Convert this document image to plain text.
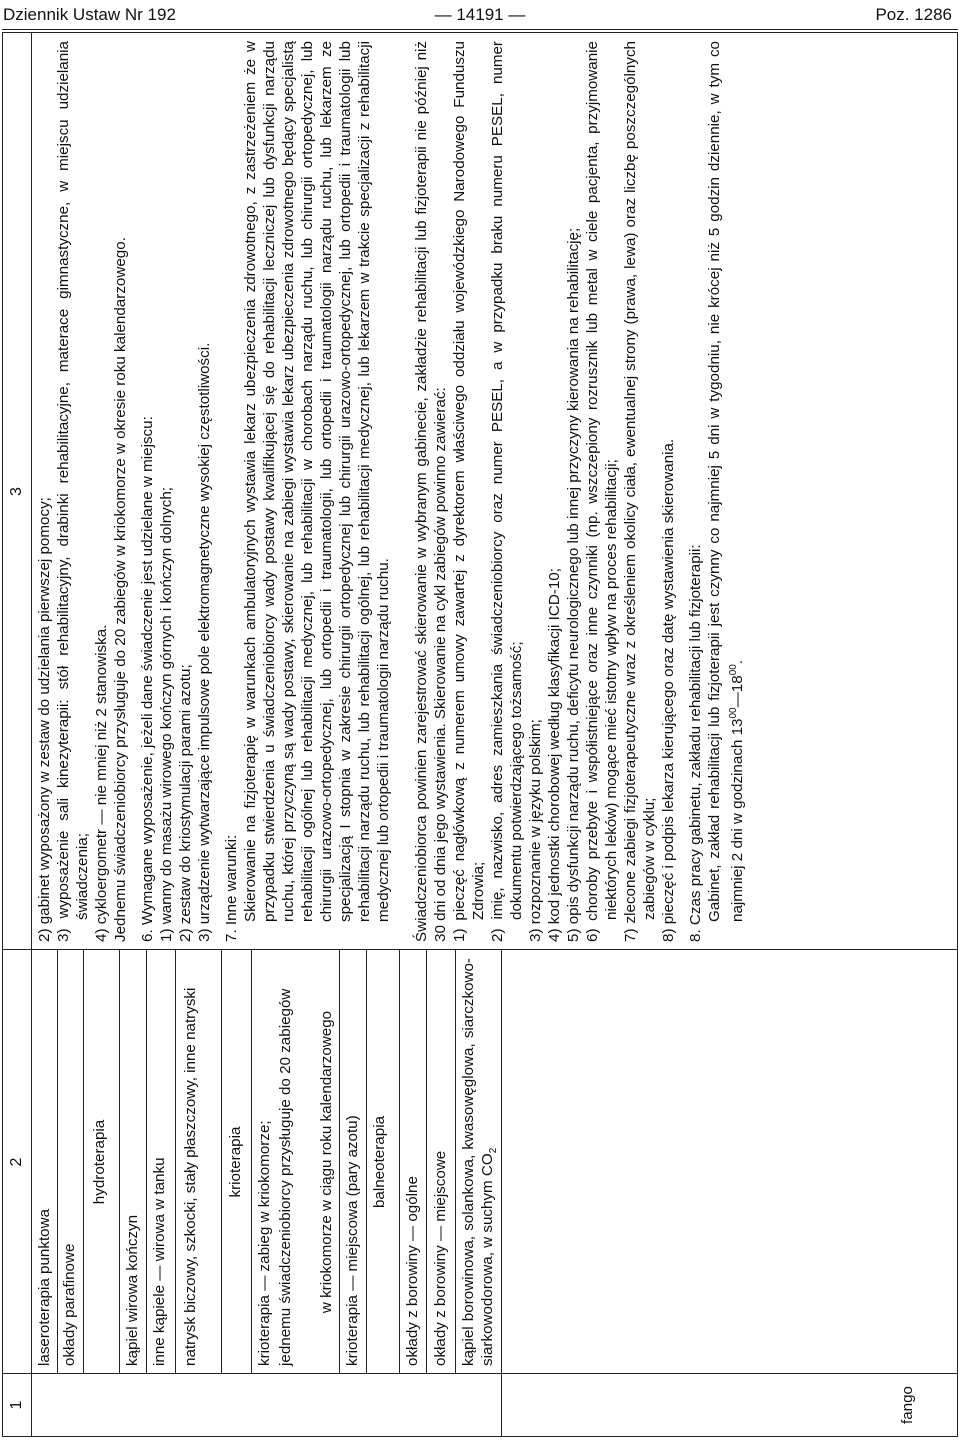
Dziennik Ustaw Nr 192	— 14191 —	Poz. 1286
1
2
3
fango
laseroterapia punktowa okłady parafinowe
hydroterapia
kąpiel wirowa kończyn inne kąpiele — wirowa w tanku natrysk biczowy, szkocki, stały płaszczowy, inne natryski krioterapia krioterapia — zabieg w kriokomorze; jednemu świadczeniobiorcy przysługuje do 20 zabiegów w kriokomorze w ciągu roku kalendarzowego krioterapia — miejscowa (pary azotu) balneoterapia
okłady z borowiny — ogólne okłady z borowiny — miejscowe kąpiel borowinowa, solankowa, kwasowęglowa, siarczkowo-siarkowodorowa, w suchym $CO_2$

2) gabinet wyposażony w zestaw do udzielania pierwszej pomocy; 3) wyposażenie sali kinezyterapii: stół rehabilitacyjny, drabinki rehabilitacyjne, materace gimnastyczne, w miejscu udzielania świadczenia; 4) cykloergometr — nie mniej niż 2 stanowiska. Jednemu świadczeniobiorcy przysługuje do 20 zabiegów w kriokomorze w okresie roku kalendarzowego. 6. Wymagane wyposażenie, jeżeli dane świadczenie jest udzielane w miejscu: 1) wanny do masażu wirowego kończyn górnych i kończyn dolnych; 2) zestaw do kriostymulacji parami azotu; 3) urządzenie wytwarzające impulsowe pole elektromagnetyczne wysokiej częstotliwości. 7. Inne warunki: Skierowanie na fizjoterapię w warunkach ambulatoryjnych wystawia lekarz ubezpieczenia zdrowotnego, z zastrzeżeniem że w przypadku stwierdzenia u świadczeniobiorcy wady postawy kwalifikującej się do rehabilitacji leczniczej lub dysfunkcji narządu ruchu, której przyczyną są wady postawy, skierowanie na zabiegi wystawia lekarz ubezpieczenia zdrowotnego będący specjalistą rehabilitacji ogólnej lub rehabilitacji medycznej, lub rehabilitacji w chorobach narządu ruchu, lub chirurgii ortopedycznej, lub chirurgii urazowo-ortopedycznej, lub ortopedii i traumatologii, lub ortopedii i traumatologii narządu ruchu, lub lekarzem ze specjalizacją I stopnia w zakresie chirurgii ortopedycznej lub chirurgii urazowo-ortopedycznej, lub ortopedii i traumatologii lub rehabilitacji narządu ruchu, lub rehabilitacji ogólnej, lub rehabilitacji medycznej, lub lekarzem w trakcie specjalizacji z rehabilitacji medycznej lub ortopedii i traumatologii narządu ruchu. Świadczeniobiorca powinien zarejestrować skierowanie w wybranym gabinecie, zakładzie rehabilitacji lub fizjoterapii nie później niż 30 dni od dnia jego wystawienia. Skierowanie na cykl zabiegów powinno zawierać: 1) pieczęć nagłówkową z numerem umowy zawartej z dyrektorem właściwego oddziału wojewódzkiego Narodowego Funduszu Zdrowia; 2) imię, nazwisko, adres zamieszkania świadczeniobiorcy oraz numer PESEL, a w przypadku braku numeru PESEL, numer dokumentu potwierdzającego tożsamość; 3) rozpoznanie w języku polskim; 4) kod jednostki chorobowej według klasyfikacji ICD-10; 5) opis dysfunkcji narządu ruchu, deficytu neurologicznego lub innej przyczyny kierowania na rehabilitację; 6) choroby przebyte i współistniejące oraz inne czynniki (np. wszczepiony rozrusznik lub metal w ciele pacjenta, przyjmowanie niektórych leków) mogące mieć istotny wpływ na proces rehabilitacji; 7) zlecone zabiegi fizjoterapeutyczne wraz z określeniem okolicy ciała, ewentualnej strony (prawa, lewa) oraz liczbę poszczególnych zabiegów w cyklu; 8) pieczęć i podpis lekarza kierującego oraz datę wystawienia skierowania. 8. Czas pracy gabinetu, zakładu rehabilitacji lub fizjoterapii: Gabinet, zakład rehabilitacji lub fizjoterapii jest czynny co najmniej 5 dni w tygodniu, nie krócej niż 5 godzin dziennie, w tym co najmniej 2 dni w godzinach $13^{00}—18^{00}$.
